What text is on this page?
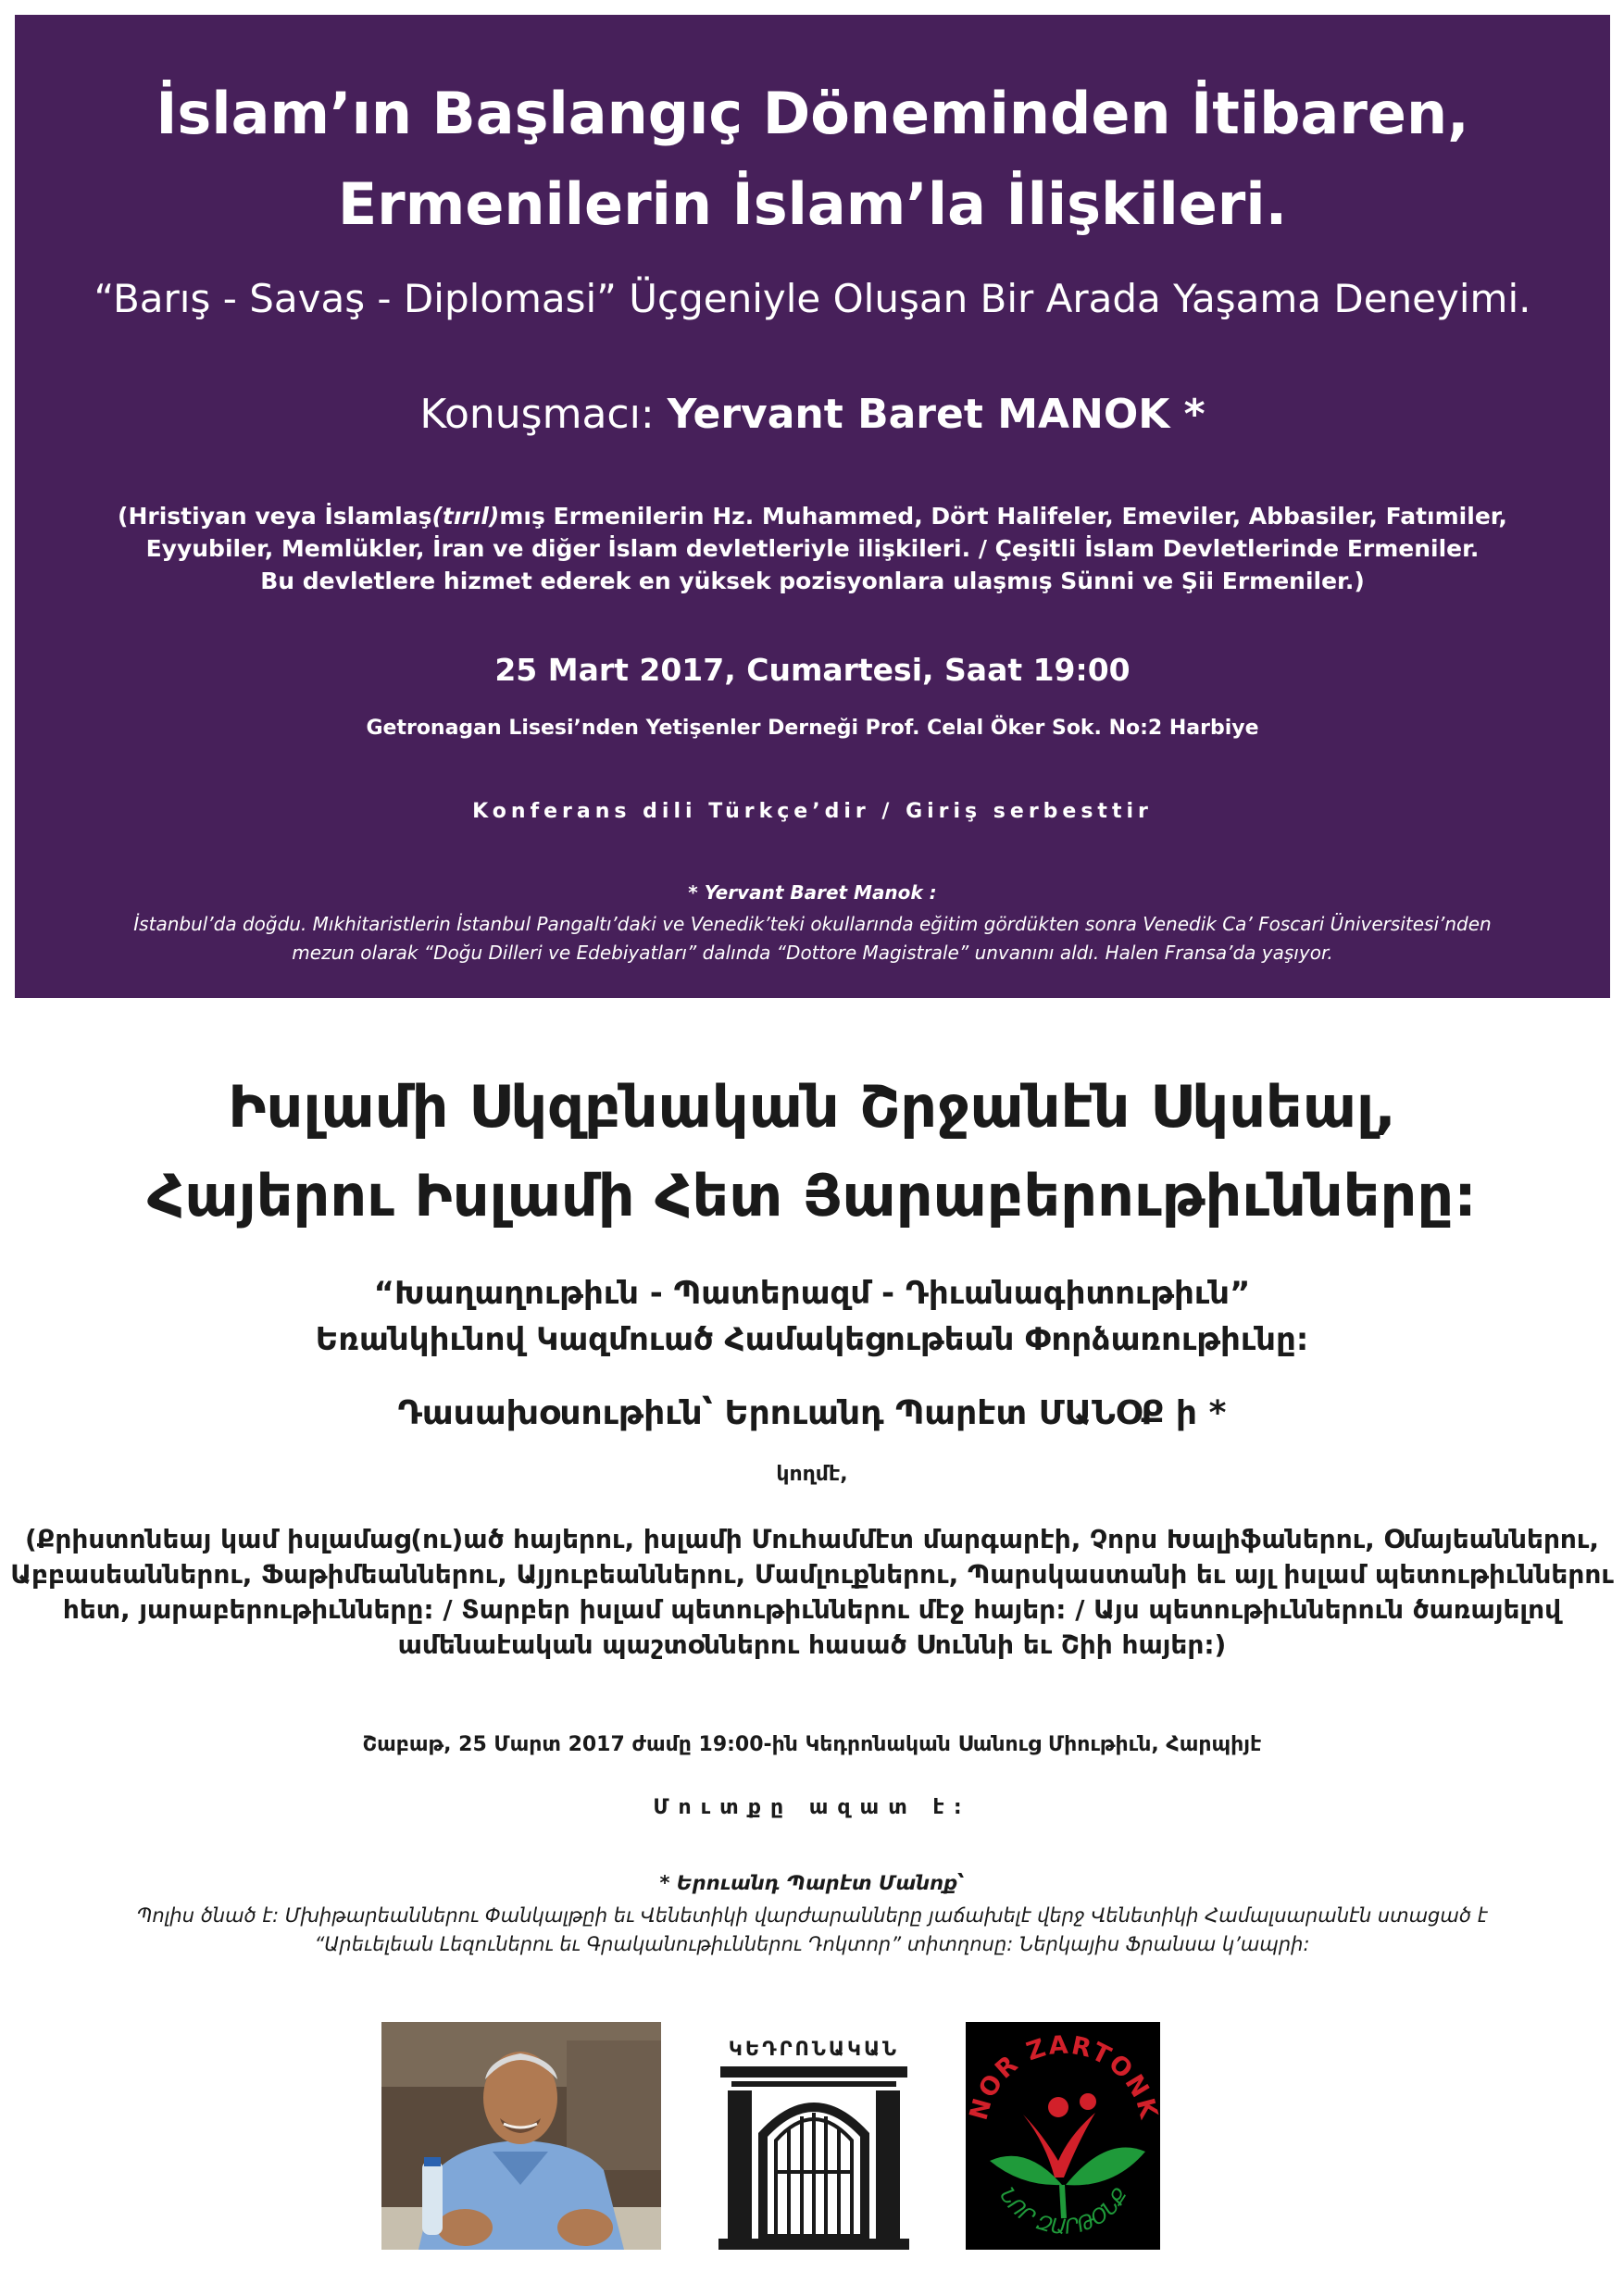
İslam’ın Başlangıç Döneminden İtibaren,
Ermenilerin İslam’la İlişkileri.
“Barış - Savaş - Diplomasi” Üçgeniyle Oluşan Bir Arada Yaşama Deneyimi.
Konuşmacı: Yervant Baret MANOK *
(Hristiyan veya İslamlaş(tırıl)mış Ermenilerin Hz. Muhammed, Dört Halifeler, Emeviler, Abbasiler, Fatımiler,
Eyyubiler, Memlükler, İran ve diğer İslam devletleriyle ilişkileri. / Çeşitli İslam Devletlerinde Ermeniler.
Bu devletlere hizmet ederek en yüksek pozisyonlara ulaşmış Sünni ve Şii Ermeniler.)
25 Mart 2017, Cumartesi, Saat 19:00
Getronagan Lisesi’nden Yetişenler Derneği Prof. Celal Öker Sok. No:2 Harbiye
Konferans dili Türkçe’dir / Giriş serbesttir
* Yervant Baret Manok :
İstanbul’da doğdu. Mıkhitaristlerin İstanbul Pangaltı’daki ve Venedik’teki okullarında eğitim gördükten sonra Venedik Ca’ Foscari Üniversitesi’nden
mezun olarak “Doğu Dilleri ve Edebiyatları” dalında “Dottore Magistrale” unvanını aldı. Halen Fransa’da yaşıyor.
Իսլամի Սկզբնական Շրջանէն Սկսեալ,
Հայերու Իսլամի Հետ Յարաբերութիւնները:
“Խաղաղութիւն - Պատերազմ - Դիւանագիտութիւն”
Եռանկիւնով Կազմուած Համակեցութեան Փորձառութիւնը:
Դասախօսութիւն՝ Երուանդ Պարէտ ՄԱՆՕՔ ի *
կողմէ,
(Քրիստոնեայ կամ իսլամաց(ու)ած հայերու, իսլամի Մուհամմէտ մարգարէի, Չորս Խալիֆաներու, Օմայեաններու,
Աբբասեաններու, Ֆաթիմեաններու, Այյուբեաններու, Մամլուքներու, Պարսկաստանի եւ այլ իսլամ պետութիւններու
հետ, յարաբերութիւնները: / Տարբեր իսլամ պետութիւններու մէջ հայեր: / Այս պետութիւններուն ծառայելով
ամենաէական պաշտօններու հասած Սուննի եւ Շիի հայեր:)
Շաբաթ, 25 Մարտ 2017 ժամը 19:00-ին Կեդրոնական Սանուց Միութիւն, Հարպիյէ
Մուտքը ազատ է:
* Երուանդ Պարէտ Մանոք՝
Պոլիս ծնած է: Մխիթարեաններու Փանկալթըի եւ Վենետիկի վարժարանները յաճախելէ վերջ Վենետիկի Համալսարանէն ստացած է
“Արեւելեան Լեզուներու եւ Գրականութիւններու Դոկտոր” տիտղոսը: Ներկայիս Ֆրանսա կ’ապրի:
ԿԵԴՐՈՆԱԿԱՆ
NOR ZARTONK
ՆՈՐ ԶԱՐԹՕՆՔ
